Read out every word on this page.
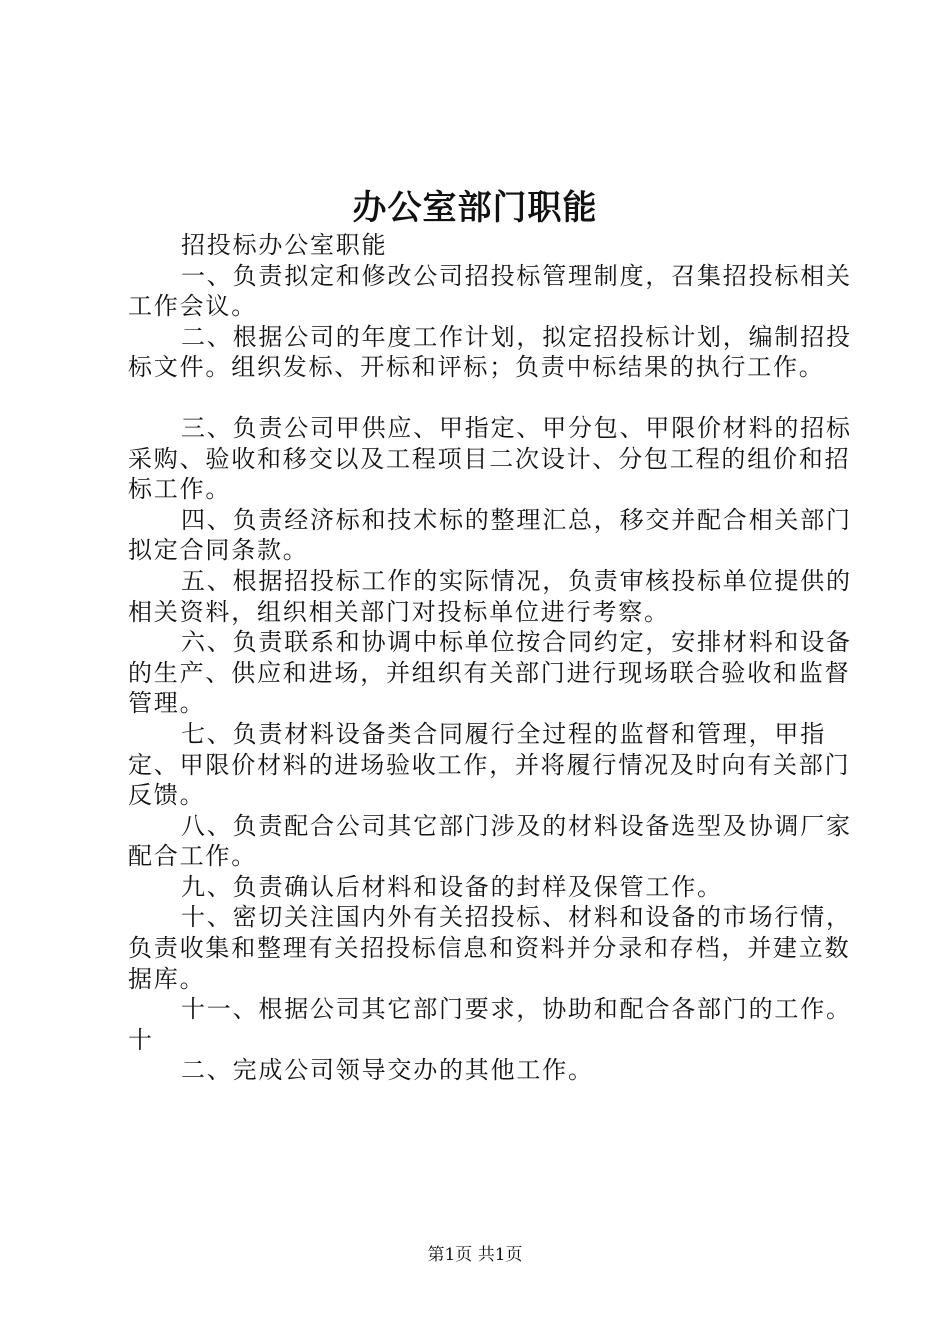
办公室部门职能

招投标办公室职能

一、负责拟定和修改公司招投标管理制度，召集招投标相关工作会议。

二、根据公司的年度工作计划，拟定招投标计划，编制招投标文件。组织发标、开标和评标；负责中标结果的执行工作。

三、负责公司甲供应、甲指定、甲分包、甲限价材料的招标采购、验收和移交以及工程项目二次设计、分包工程的组价和招标工作。

四、负责经济标和技术标的整理汇总，移交并配合相关部门拟定合同条款。

五、根据招投标工作的实际情况，负责审核投标单位提供的相关资料，组织相关部门对投标单位进行考察。

六、负责联系和协调中标单位按合同约定，安排材料和设备的生产、供应和进场，并组织有关部门进行现场联合验收和监督管理。

七、负责材料设备类合同履行全过程的监督和管理，甲指定、甲限价材料的进场验收工作，并将履行情况及时向有关部门反馈。

八、负责配合公司其它部门涉及的材料设备选型及协调厂家配合工作。

九、负责确认后材料和设备的封样及保管工作。

十、密切关注国内外有关招投标、材料和设备的市场行情，负责收集和整理有关招投标信息和资料并分录和存档，并建立数据库。

十一、根据公司其它部门要求，协助和配合各部门的工作。十

二、完成公司领导交办的其他工作。

第1页 共1页
